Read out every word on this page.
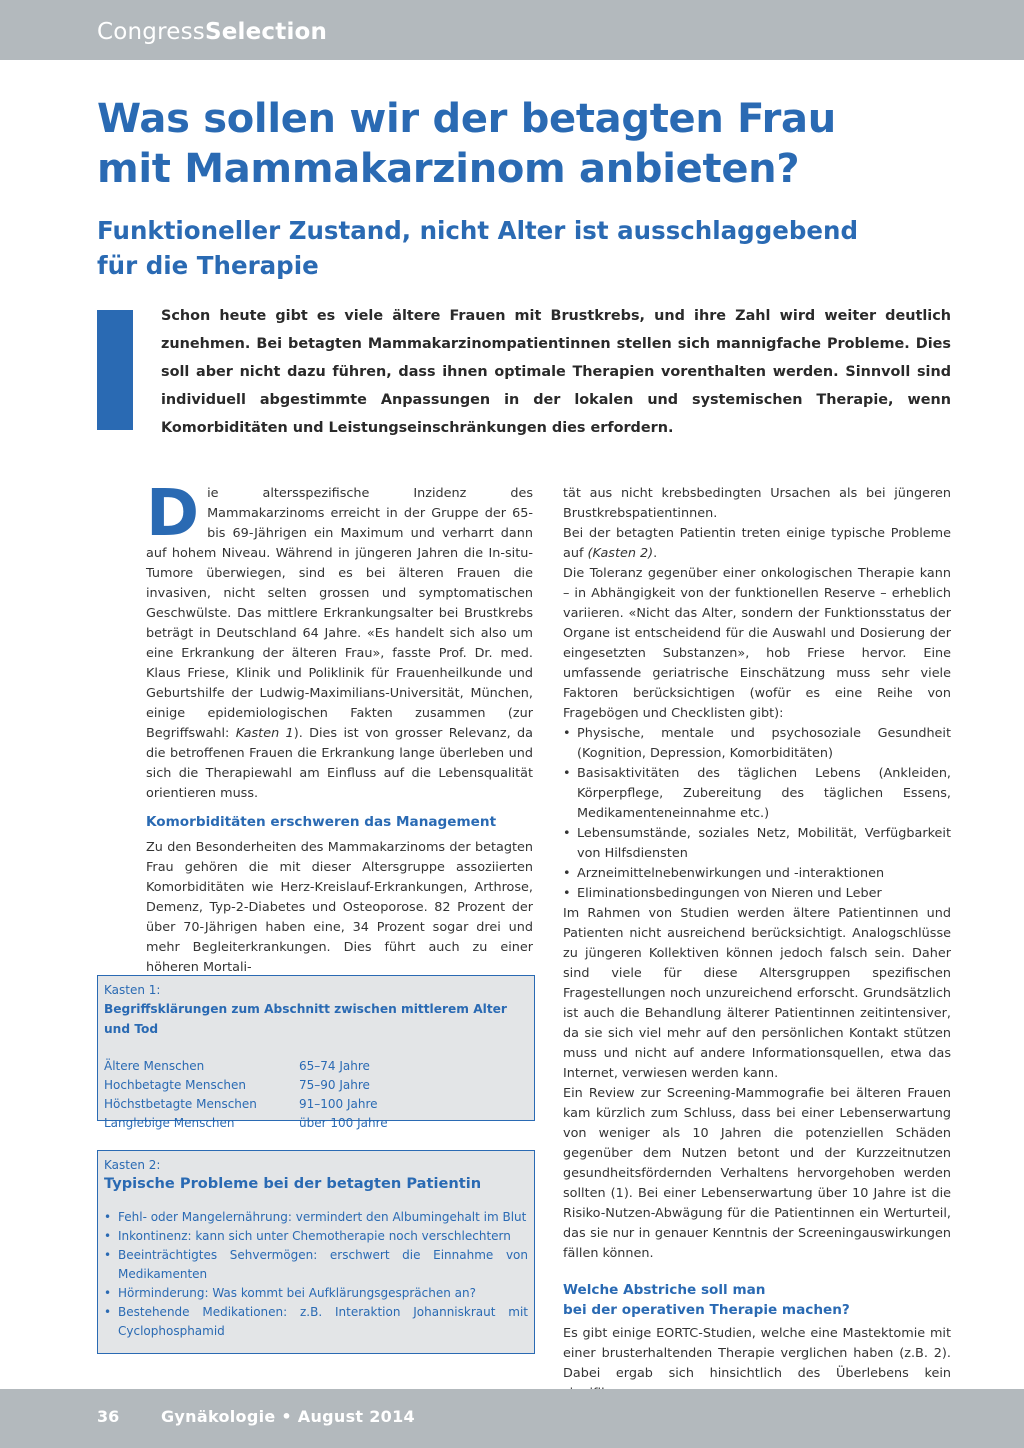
CongressSelection
Was sollen wir der betagten Frau
mit Mammakarzinom anbieten?
Funktioneller Zustand, nicht Alter ist ausschlaggebend
für die Therapie

Schon heute gibt es viele ältere Frauen mit Brustkrebs, und ihre Zahl wird weiter deutlich zunehmen. Bei betagten Mammakarzinompatientinnen stellen sich mannigfache Probleme. Dies soll aber nicht dazu führen, dass ihnen optimale Therapien vorenthalten werden. Sinnvoll sind individuell abgestimmte Anpassungen in der lokalen und systemischen Therapie, wenn Komorbiditäten und Leistungseinschränkungen dies erfordern.

D ie altersspezifische Inzidenz des Mammakarzinoms erreicht in der Gruppe der 65- bis 69-Jährigen ein Maximum und verharrt dann auf hohem Niveau. Während in jüngeren Jahren die In-situ-Tumore überwiegen, sind es bei älteren Frauen die invasiven, nicht selten grossen und symptomatischen Geschwülste. Das mittlere Erkrankungsalter bei Brustkrebs beträgt in Deutschland 64 Jahre. «Es handelt sich also um eine Erkrankung der älteren Frau», fasste Prof. Dr. med. Klaus Friese, Klinik und Poliklinik für Frauenheilkunde und Geburtshilfe der Ludwig-Maximilians-Universität, München, einige epidemiologischen Fakten zusammen (zur Begriffswahl: Kasten 1). Dies ist von grosser Relevanz, da die betroffenen Frauen die Erkrankung lange überleben und sich die Therapiewahl am Einfluss auf die Lebensqualität orientieren muss.

Komorbiditäten erschweren das Management

Zu den Besonderheiten des Mammakarzinoms der betagten Frau gehören die mit dieser Altersgruppe assoziierten Komorbiditäten wie Herz-Kreislauf-Erkrankungen, Arthrose, Demenz, Typ-2-Diabetes und Osteoporose. 82 Prozent der über 70-Jährigen haben eine, 34 Prozent sogar drei und mehr Begleiterkrankungen. Dies führt auch zu einer höheren Mortali-

tät aus nicht krebsbedingten Ursachen als bei jüngeren Brustkrebspatientinnen.

Bei der betagten Patientin treten einige typische Probleme auf (Kasten 2).

Die Toleranz gegenüber einer onkologischen Therapie kann – in Abhängigkeit von der funktionellen Reserve – erheblich variieren. «Nicht das Alter, sondern der Funktionsstatus der Organe ist entscheidend für die Auswahl und Dosierung der eingesetzten Substanzen», hob Friese hervor. Eine umfassende geriatrische Einschätzung muss sehr viele Faktoren berücksichtigen (wofür es eine Reihe von Fragebögen und Checklisten gibt):

• Physische, mentale und psychosoziale Gesundheit (Kognition, Depression, Komorbiditäten)
• Basisaktivitäten des täglichen Lebens (Ankleiden, Körperpflege, Zubereitung des täglichen Essens, Medikamenteneinnahme etc.)
• Lebensumstände, soziales Netz, Mobilität, Verfügbarkeit von Hilfsdiensten
• Arzneimittelnebenwirkungen und -interaktionen
• Eliminationsbedingungen von Nieren und Leber

Im Rahmen von Studien werden ältere Patientinnen und Patienten nicht ausreichend berücksichtigt. Analogschlüsse zu jüngeren Kollektiven können jedoch falsch sein. Daher sind viele für diese Altersgruppen spezifischen Fragestellungen noch unzureichend erforscht. Grundsätzlich ist auch die Behandlung älterer Patientinnen zeitintensiver, da sie sich viel mehr auf den persönlichen Kontakt stützen muss und nicht auf andere Informationsquellen, etwa das Internet, verwiesen werden kann.

Ein Review zur Screening-Mammografie bei älteren Frauen kam kürzlich zum Schluss, dass bei einer Lebenserwartung von weniger als 10 Jahren die potenziellen Schäden gegenüber dem Nutzen betont und der Kurzzeitnutzen gesundheitsfördernden Verhaltens hervorgehoben werden sollten (1). Bei einer Lebenserwartung über 10 Jahre ist die Risiko-Nutzen-Abwägung für die Patientinnen ein Werturteil, das sie nur in genauer Kenntnis der Screeningauswirkungen fällen können.

Welche Abstriche soll man
bei der operativen Therapie machen?

Es gibt einige EORTC-Studien, welche eine Mastektomie mit einer brusterhaltenden Therapie verglichen haben (z.B. 2). Dabei ergab sich hinsichtlich des Überlebens kein

Kasten 1:
Begriffsklärungen zum Abschnitt zwischen mittlerem Alter und Tod
Ältere Menschen	65–74 Jahre
Hochbetagte Menschen	75–90 Jahre
Höchstbetagte Menschen	91–100 Jahre
Langlebige Menschen	über 100 Jahre
Kasten 2:
Typische Probleme bei der betagten Patientin
• Fehl- oder Mangelernährung: vermindert den Albumingehalt im Blut
• Inkontinenz: kann sich unter Chemotherapie noch verschlechtern
• Beeinträchtigtes Sehvermögen: erschwert die Einnahme von Medikamenten
• Hörminderung: Was kommt bei Aufklärungsgesprächen an?
• Bestehende Medikationen: z.B. Interaktion Johanniskraut mit Cyclophosphamid
36	Gynäkologie • August 2014
